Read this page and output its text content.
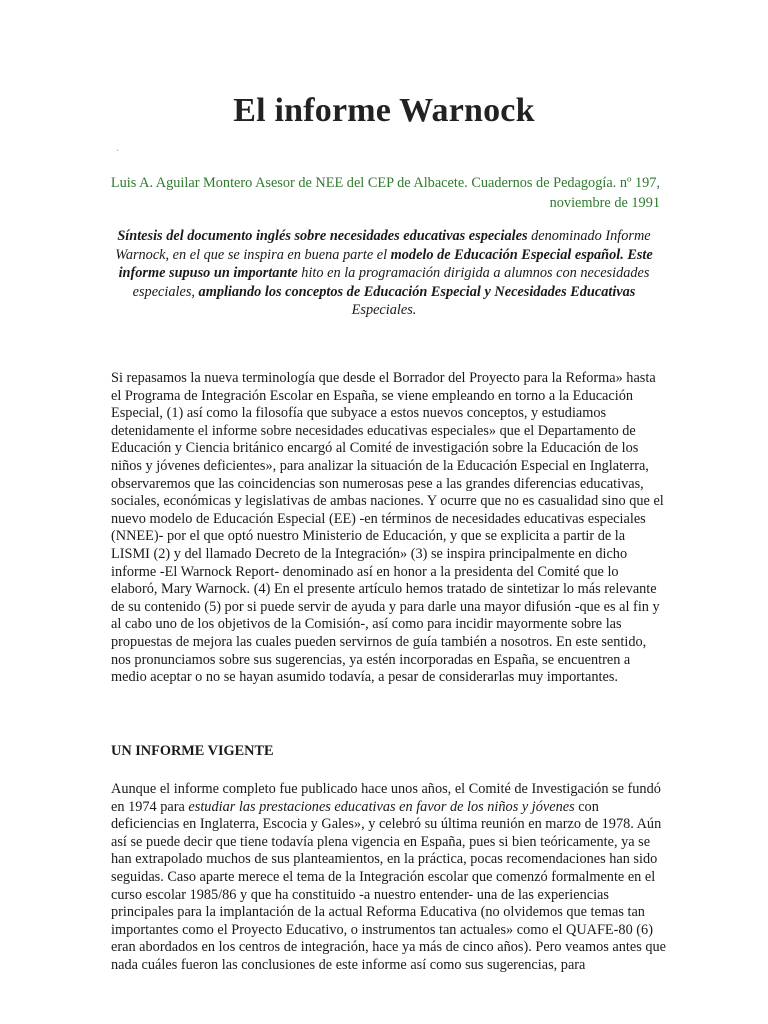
El informe Warnock
·

Luis A. Aguilar Montero Asesor de NEE del CEP de Albacete. Cuadernos de Pedagogía. nº 197, noviembre de 1991

Síntesis del documento inglés sobre necesidades educativas especiales denominado Informe Warnock, en el que se inspira en buena parte el modelo de Educación Especial español. Este informe supuso un importante hito en la programación dirigida a alumnos con necesidades especiales, ampliando los conceptos de Educación Especial y Necesidades Educativas Especiales.

Si repasamos la nueva terminología que desde el Borrador del Proyecto para la Reforma» hasta el Programa de Integración Escolar en España, se viene empleando en torno a la Educación Especial, (1) así como la filosofía que subyace a estos nuevos conceptos, y estudiamos detenidamente el informe sobre necesidades educativas especiales» que el Departamento de Educación y Ciencia británico encargó al Comité de investigación sobre la Educación de los niños y jóvenes deficientes», para analizar la situación de la Educación Especial en Inglaterra, observaremos que las coincidencias son numerosas pese a las grandes diferencias educativas, sociales, económicas y legislativas de ambas naciones. Y ocurre que no es casualidad sino que el nuevo modelo de Educación Especial (EE) -en términos de necesidades educativas especiales (NNEE)- por el que optó nuestro Ministerio de Educación, y que se explicita a partir de la LISMI (2) y del llamado Decreto de la Integración» (3) se inspira principalmente en dicho informe -El Warnock Report- denominado así en honor a la presidenta del Comité que lo elaboró, Mary Warnock. (4) En el presente artículo hemos tratado de sintetizar lo más relevante de su contenido (5) por si puede servir de ayuda y para darle una mayor difusión -que es al fin y al cabo uno de los objetivos de la Comisión-, así como para incidir mayormente sobre las propuestas de mejora las cuales pueden servirnos de guía también a nosotros. En este sentido, nos pronunciamos sobre sus sugerencias, ya estén incorporadas en España, se encuentren a medio aceptar o no se hayan asumido todavía, a pesar de considerarlas muy importantes.

UN INFORME VIGENTE

Aunque el informe completo fue publicado hace unos años, el Comité de Investigación se fundó en 1974 para estudiar las prestaciones educativas en favor de los niños y jóvenes con deficiencias en Inglaterra, Escocia y Gales», y celebró su última reunión en marzo de 1978. Aún así se puede decir que tiene todavía plena vigencia en España, pues si bien teóricamente, ya se han extrapolado muchos de sus planteamientos, en la práctica, pocas recomendaciones han sido seguidas. Caso aparte merece el tema de la Integración escolar que comenzó formalmente en el curso escolar 1985/86 y que ha constituido -a nuestro entender- una de las experiencias principales para la implantación de la actual Reforma Educativa (no olvidemos que temas tan importantes como el Proyecto Educativo, o instrumentos tan actuales» como el QUAFE-80 (6) eran abordados en los centros de integración, hace ya más de cinco años). Pero veamos antes que nada cuáles fueron las conclusiones de este informe así como sus sugerencias, para
